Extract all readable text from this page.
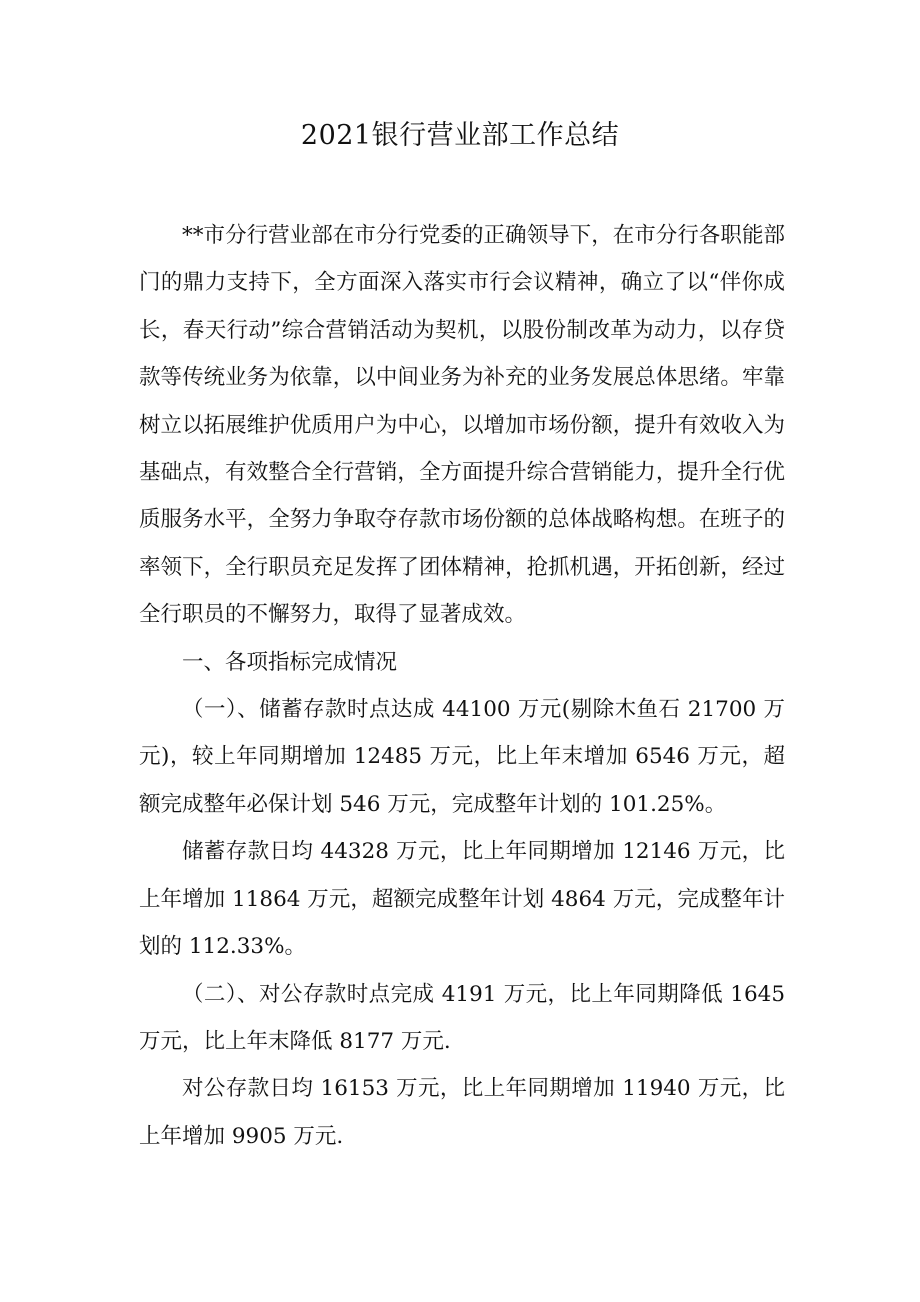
2021银行营业部工作总结

**市分行营业部在市分行党委的正确领导下，在市分行各职能部门的鼎力支持下，全方面深入落实市行会议精神，确立了以“伴你成长，春天行动”综合营销活动为契机，以股份制改革为动力，以存贷款等传统业务为依靠，以中间业务为补充的业务发展总体思绪。牢靠树立以拓展维护优质用户为中心，以增加市场份额，提升有效收入为基础点，有效整合全行营销，全方面提升综合营销能力，提升全行优质服务水平，全努力争取夺存款市场份额的总体战略构想。在班子的率领下，全行职员充足发挥了团体精神，抢抓机遇，开拓创新，经过全行职员的不懈努力，取得了显著成效。

一、各项指标完成情况

（一）、储蓄存款时点达成 44100 万元(剔除木鱼石 21700 万元)，较上年同期增加 12485 万元，比上年末增加 6546 万元，超额完成整年必保计划 546 万元，完成整年计划的 101.25%。

储蓄存款日均 44328 万元，比上年同期增加 12146 万元，比上年增加 11864 万元，超额完成整年计划 4864 万元，完成整年计划的 112.33%。

（二）、对公存款时点完成 4191 万元，比上年同期降低 1645 万元，比上年末降低 8177 万元.

对公存款日均 16153 万元，比上年同期增加 11940 万元，比上年增加 9905 万元.
